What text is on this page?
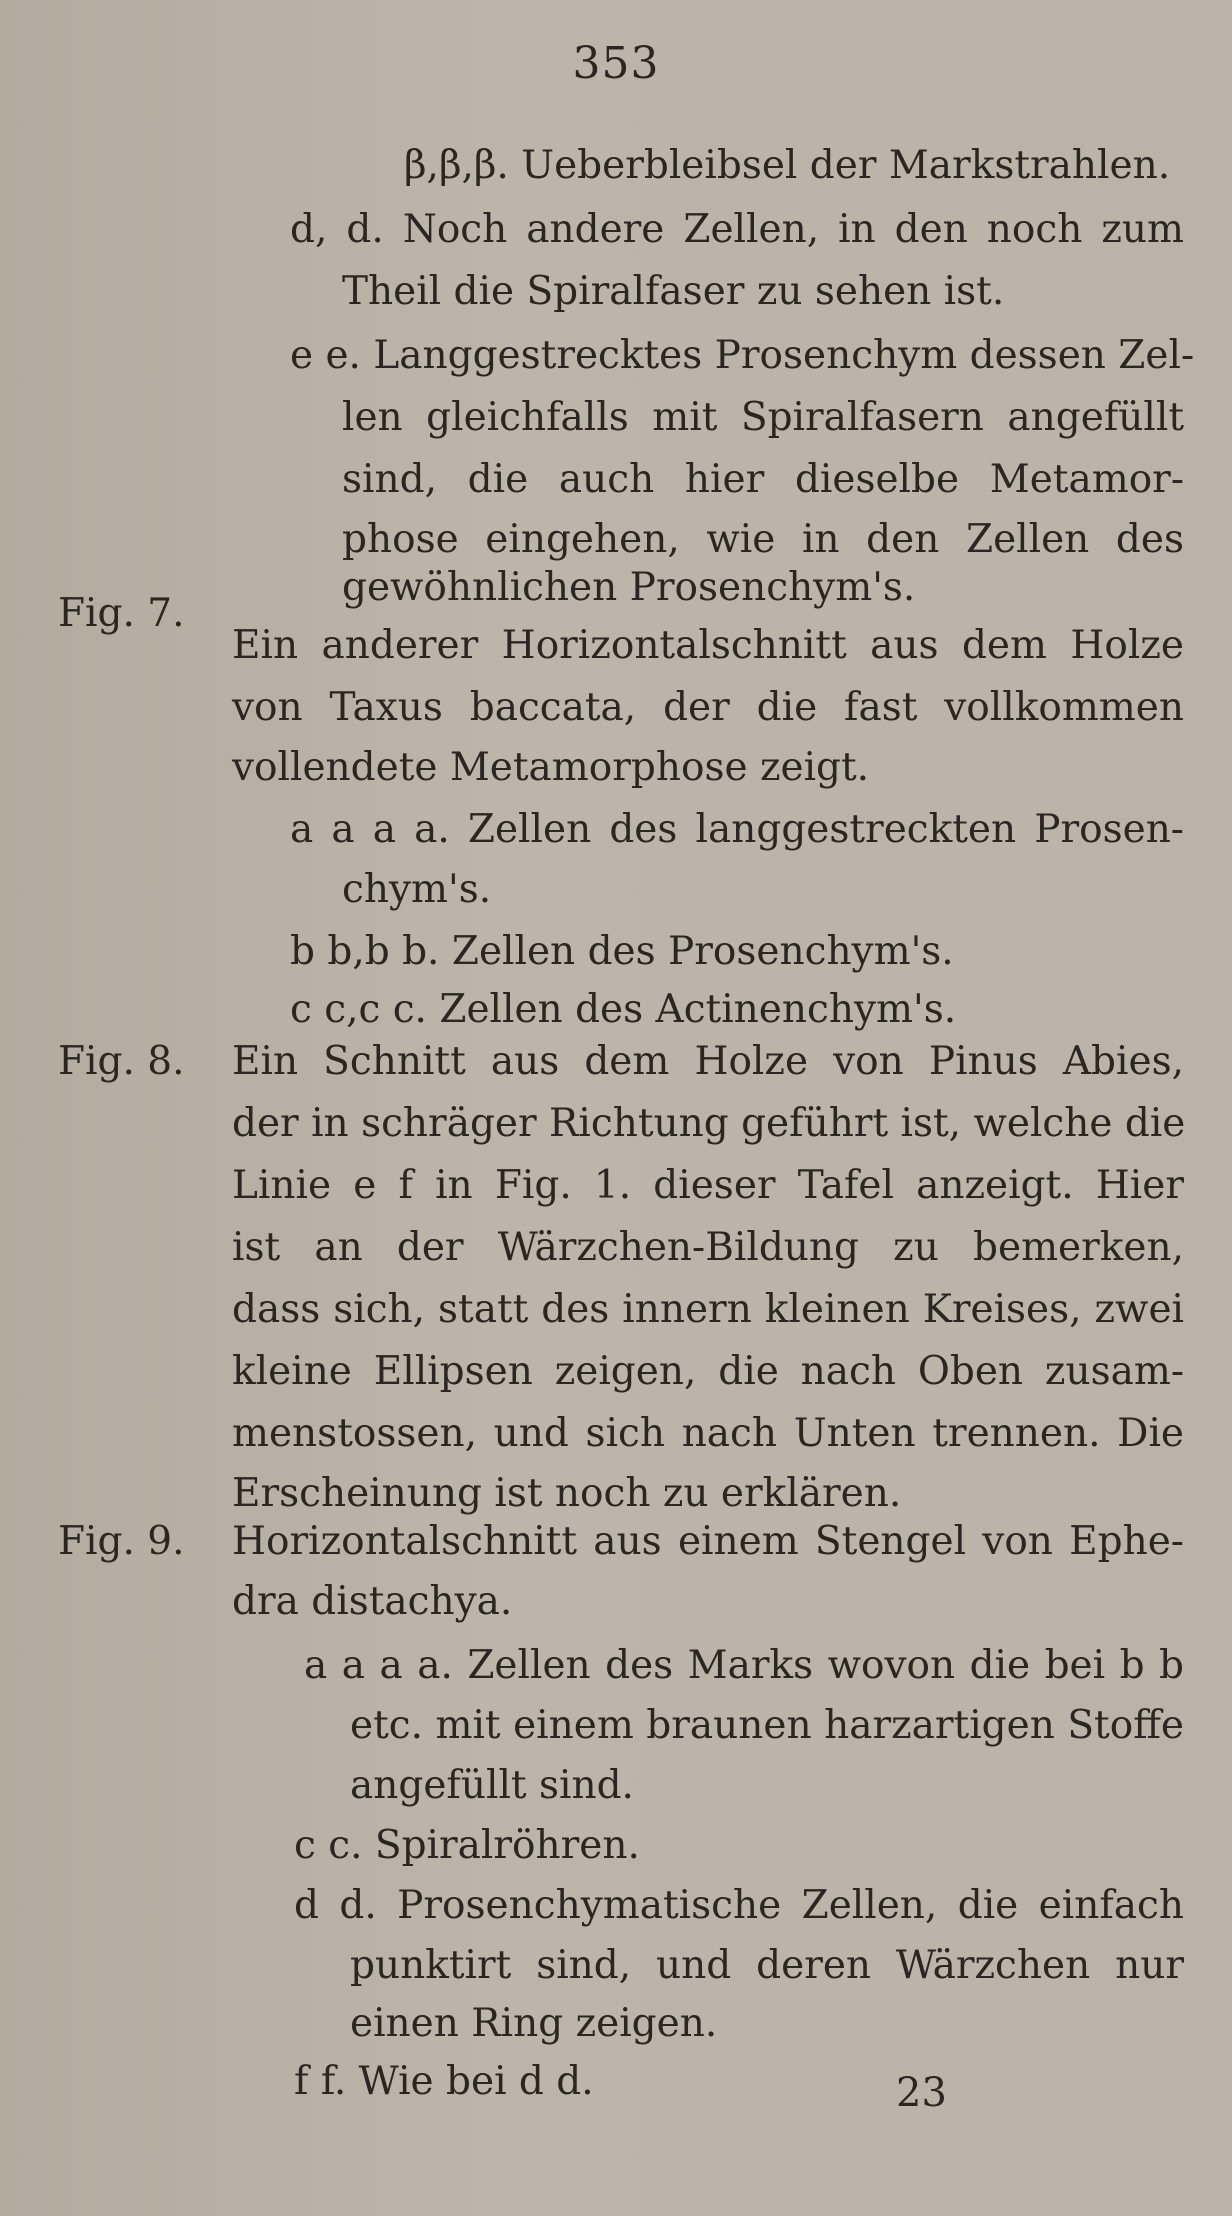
353
Fig. 7.
Fig. 8.
Fig. 9.
β,β,β. Ueberbleibsel der Markstrahlen.
d, d. Noch andere Zellen, in den noch zum
Theil die Spiralfaser zu sehen ist.
e e. Langgestrecktes Prosenchym dessen Zel-
len gleichfalls mit Spiralfasern angefüllt
sind, die auch hier dieselbe Metamor-
phose eingehen, wie in den Zellen des
gewöhnlichen Prosenchym's.
Ein anderer Horizontalschnitt aus dem Holze
von Taxus baccata, der die fast vollkommen
vollendete Metamorphose zeigt.
a a a a. Zellen des langgestreckten Prosen-
chym's.
b b,b b. Zellen des Prosenchym's.
c c,c c. Zellen des Actinenchym's.
Ein Schnitt aus dem Holze von Pinus Abies,
der in schräger Richtung geführt ist, welche die
Linie e f in Fig. 1. dieser Tafel anzeigt. Hier
ist an der Wärzchen-Bildung zu bemerken,
dass sich, statt des innern kleinen Kreises, zwei
kleine Ellipsen zeigen, die nach Oben zusam-
menstossen, und sich nach Unten trennen. Die
Erscheinung ist noch zu erklären.
Horizontalschnitt aus einem Stengel von Ephe-
dra distachya.
a a a a. Zellen des Marks wovon die bei b b
etc. mit einem braunen harzartigen Stoffe
angefüllt sind.
c c. Spiralröhren.
d d. Prosenchymatische Zellen, die einfach
punktirt sind, und deren Wärzchen nur
einen Ring zeigen.
f f. Wie bei d d.	23
